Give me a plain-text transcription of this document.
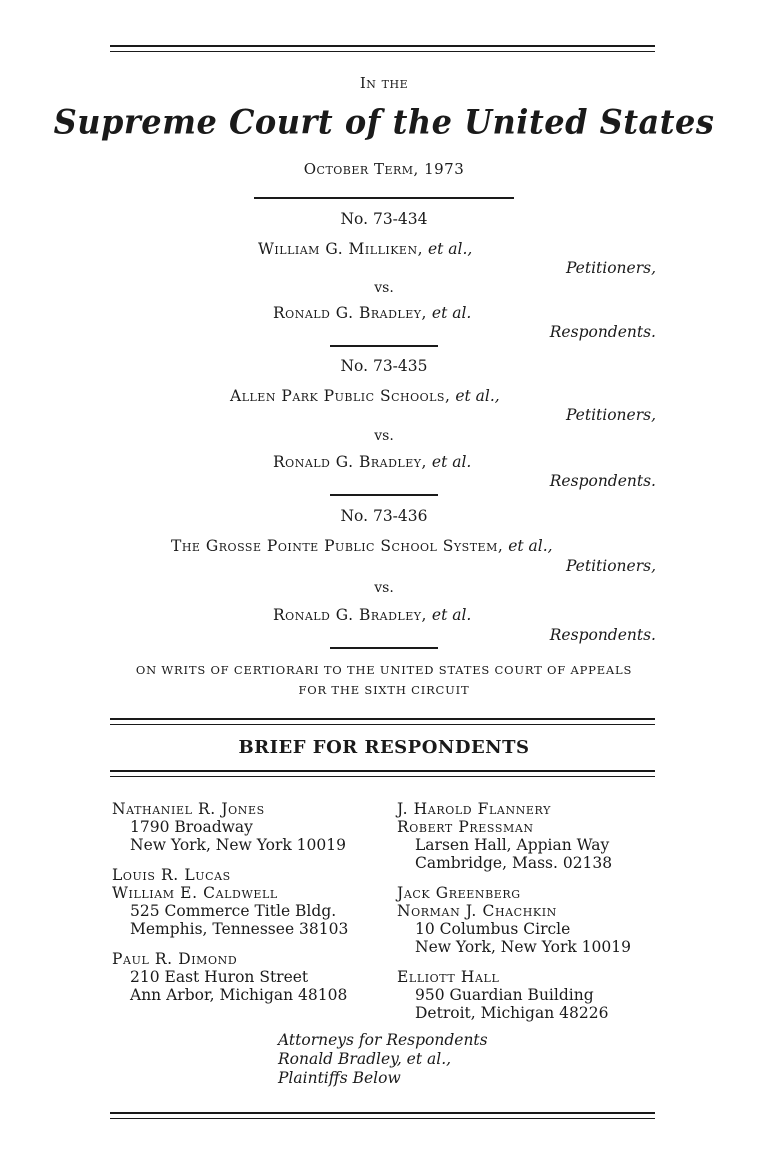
In the
Supreme Court of the United States
October Term, 1973
No. 73-434
William G. Milliken, et al.,
Petitioners,
vs.
Ronald G. Bradley, et al.
Respondents.
No. 73-435
Allen Park Public Schools, et al.,
Petitioners,
vs.
Ronald G. Bradley, et al.
Respondents.
No. 73-436
The Grosse Pointe Public School System, et al.,
Petitioners,
vs.
Ronald G. Bradley, et al.
Respondents.
ON WRITS OF CERTIORARI TO THE UNITED STATES COURT OF APPEALS
FOR THE SIXTH CIRCUIT
BRIEF FOR RESPONDENTS
Nathaniel R. Jones
1790 Broadway
New York, New York 10019
Louis R. Lucas
William E. Caldwell
525 Commerce Title Bldg.
Memphis, Tennessee 38103
Paul R. Dimond
210 East Huron Street
Ann Arbor, Michigan 48108
J. Harold Flannery
Robert Pressman
Larsen Hall, Appian Way
Cambridge, Mass. 02138
Jack Greenberg
Norman J. Chachkin
10 Columbus Circle
New York, New York 10019
Elliott Hall
950 Guardian Building
Detroit, Michigan 48226
Attorneys for Respondents
Ronald Bradley, et al.,
Plaintiffs Below
